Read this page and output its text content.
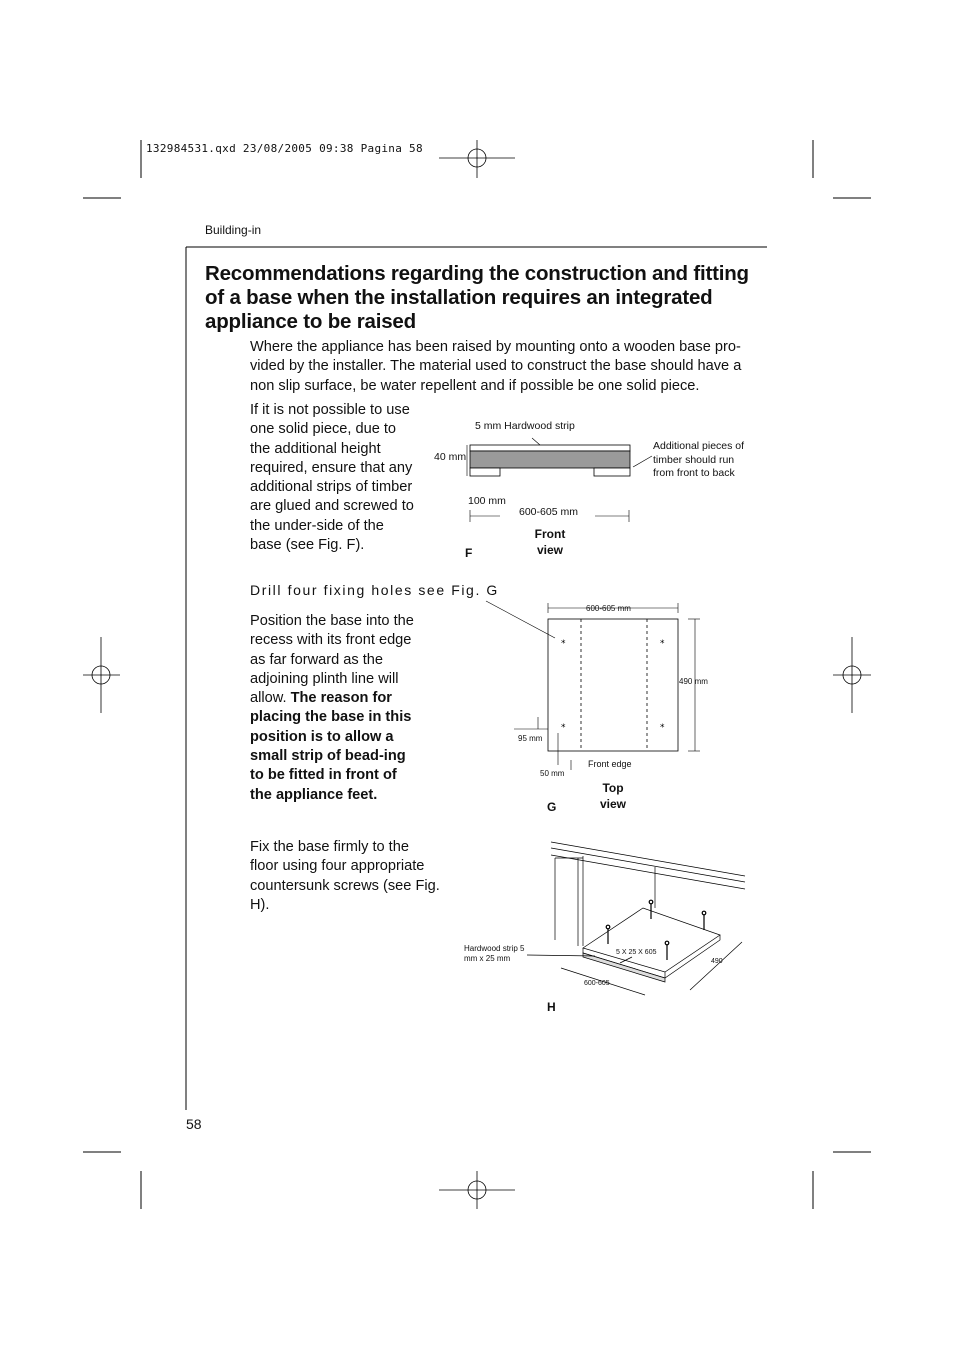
*	*
*	*
132984531.qxd 23/08/2005 09:38 Pagina 58
Building-in
Recommendations regarding the construction and fitting of a base when the installation requires an integrated appliance to be raised
Where the appliance has been raised by mounting onto a wooden base pro-vided by the installer. The material used to construct the base should have a non slip surface, be water repellent and if possible be one solid piece.
If it is not possible to use one solid piece, due to the additional height required, ensure that any additional strips of timber are glued and screwed to the under-side of the base (see Fig. F).
Drill four fixing holes see Fig. G
Position the base into the recess with its front edge as far forward as the adjoining plinth line will allow. The reason for placing the base in this position is to allow a small strip of bead-ing to be fitted in front of the appliance feet.
Fix the base firmly to the floor using four appropriate countersunk screws (see Fig. H).
58
5 mm Hardwood strip
40 mm
Additional pieces of timber should run from front to back
100 mm
600-605 mm
Front view
F
600-605 mm
490 mm
95 mm
50 mm
Front edge
Top view
G
Hardwood strip 5 mm x 25 mm
5 X 25 X 605
600-605
490
H
